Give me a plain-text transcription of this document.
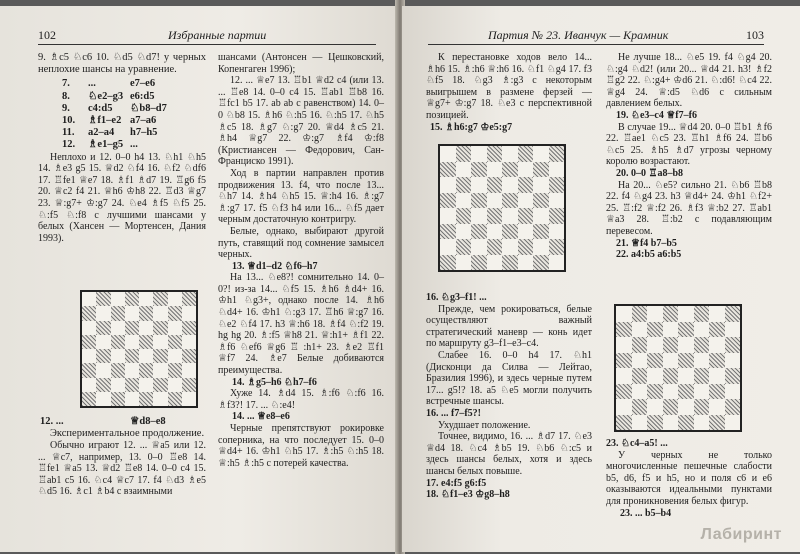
102	Избранные партии

9. ♗c5 ♘c6 10. ♘d5 ♘d7! у черных неплохие шансы на уравнение.

7.	...	e7–e6
8.	♘e2–g3 e6:d5
9.	c4:d5	♘b8–d7
10.	♗f1–e2 a7–a6
11.	a2–a4	h7–h5
12.	♗e1–g5 ...

Неплохо и 12. 0–0 h4 13. ♘h1 ♘h5 14. ♗e3 g5 15. ♕d2 ♘f4 16. ♘f2 ♘df6 17. ♖fe1 ♕e7 18. ♗f1 ♗d7 19. ♖g6 f5 20. ♕c2 f4 21. ♕h6 ♔h8 22. ♖d3 ♕g7 23. ♕:g7+ ♔:g7 24. ♘e4 ♗f5 ♘f5 25. ♘:f5 ♘:f8 с лучшими шансами у белых (Хансен — Мортенсен, Дания 1993).

12. ...	♕d8–e8

Экспериментальное продолжение.

Обычно играют 12. ... ♕a5 или 12. ... ♕c7, например, 13. 0–0 ♖e8 14. ♖fe1 ♕a5 13. ♕d2 ♖e8 14. 0–0 c4 15. ♖ab1 c5 16. ♘c4 ♕c7 17. f4 ♘d3 ♗e5 ♘d5 16. ♗c1 ♗b4 с взаимными

шансами (Антонсен — Цешковский, Копенгаген 1996);

12. ... ♕e7 13. ♖b1 ♕d2 c4 (или 13. ... ♖e8 14. 0–0 c4 15. ♖ab1 ♖b8 16. ♖fc1 b5 17. ab ab с равенством) 14. 0–0 ♘b8 15. ♗h6 ♘:h5 16. ♘:h5 17. ♘h5 ♗c5 18. ♗g7 ♘:g7 20. ♕d4 ♗c5 21. ♗h4 ♕g7 22. ♔:g7 ♗f4 ♔:f8 (Кристиансен — Федорович, Сан-Франциско 1991).

Ход в партии направлен против продвижения 13. f4, что после 13... ♘h7 14. ♗h4 ♘h5 15. ♕:h4 16. ♗:g7 ♗:g7 17. f5 ♘f3 h4 или 16... ♘f5 дает черным достаточную контригру.

Белые, однако, выбирают другой путь, ставящий под сомнение замысел черных.

13. ♕d1–d2 ♘f6–h7

На 13... ♘e8?! сомнительно 14. 0–0?! из-за 14... ♘f5 15. ♗h6 ♗d4+ 16. ♔h1 ♘g3+, однако после 14. ♗h6 ♘d4+ 16. ♔h1 ♘:g3 17. ♖h6 ♕:g7 16. ♘e2 ♘f4 17. h3 ♕:h6 18. ♗f4 ♘:f2 19. hg hg 20. ♗:f5 ♕h8 21. ♕:h1+ ♗f1 22. ♗f6 ♘ef6 ♕g6 ♖ :h1+ 23. ♗e2 ♖f1 ♕f7 24. ♗e7 Белые добиваются преимущества.

14. ♗g5–h6 ♘h7–f6

Хуже 14. ♗d4 15. ♗:f6 ♘:f6 16. ♗f3?! 17. ... ♘:e4!

14. ... ♕e8–e6

Черные препятствуют рокировке соперника, на что последует 15. 0–0 ♕d4+ 16. ♔h1 ♘h5 17. ♗:h5 ♘:h5 18. ♕:h5 ♗:h5 с потерей качества.

Партия № 23. Иванчук — Крамник	103

К перестановке ходов вело 14... ♗h6 15. ♗:h6 ♕:h6 16. ♘f1 ♘g4 17. f3 ♘f5 18. ♘g3 ♗:g3 с некоторым выигрышем в размене ферзей — ♕g7+ ♔:g7 18. ♘e3 с перспективной позицией.

15. ♗h6:g7 ♔e5:g7

16. ♘g3–f1! ...

Прежде, чем рокироваться, белые осуществляют важный стратегический маневр — конь идет по маршруту g3–f1–e3–c4.

Слабее 16. 0–0 h4 17. ♘h1 (Дисконци да Силва — Лейтао, Бразилия 1996), и здесь черные путем 17... g5!? 18. a5 ♘e5 могли получить встречные шансы.

16. ... f7–f5?!

Ухудшает положение.

Точнее, видимо, 16. ... ♗d7 17. ♘e3 ♕d4 18. ♘c4 ♗b5 19. ♘b6 ♘:c5 и здесь шансы белых, хотя и здесь шансы белых повыше.

17. e4:f5 g6:f5

18. ♘f1–e3 ♔g8–h8

Не лучше 18... ♘e5 19. f4 ♘g4 20. ♘:g4 ♘d2! (или 20... ♕d4 21. h3! ♗f2 ♖g2 22. ♘:g4+ ♔d6 21. ♘:d6! ♘c4 22. ♕g4 24. ♕:d5 ♘d6 с сильным давлением белых.

19. ♘e3–c4 ♕f7–f6

В случае 19... ♕d4 20. 0–0 ♖b1 ♗f6 22. ♖ae1 ♘c5 23. ♖h1 ♗f6 24. ♖b6 ♘c5 25. ♗h5 ♗d7 угрозы черному королю возрастают.

20. 0–0 ♖a8–b8

На 20... ♘e5? сильно 21. ♘b6 ♖b8 22. f4 ♘g4 23. h3 ♕d4+ 24. ♔h1 ♘f2+ 25. ♖:f2 ♕:f2 26. ♗f3 ♕:b2 27. ♖ab1 ♕a3 28. ♖:b2 с подавляющим перевесом.

21. ♕f4 b7–b5

22. a4:b5 a6:b5

23. ♘c4–a5! ...

У черных не только многочисленные пешечные слабости b5, d6, f5 и h5, но и поля c6 и e6 оказываются идеальными пунктами для проникновения белых фигур.

23. ... b5–b4

Лабиринт
